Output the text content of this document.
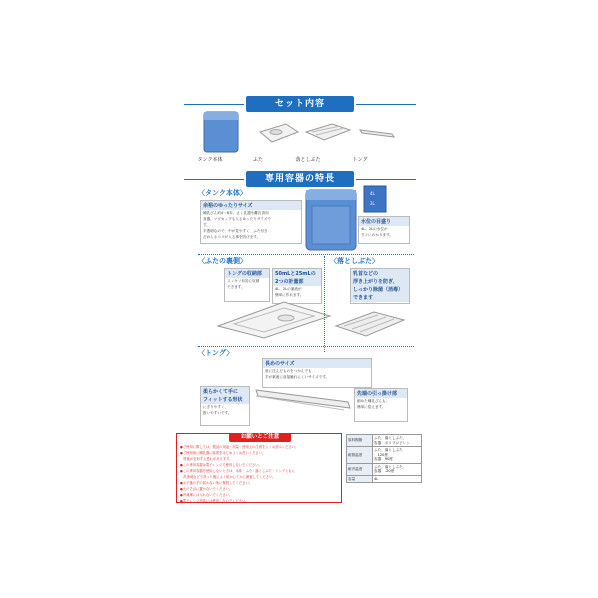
セット内容
タンク本体	ふた	落としぶた	トング
専用容器の特長
〈タンク本体〉
余裕のゆったりサイズ
哺乳びん約4〜6本、さく乳器や離乳食用
食器、マグカップも入るゆったりサイズで
す。
半透明なので、中が見やすく、ふた付き
だからホコリが入る事を防げます。
4L
2L
水位の目盛り
4L、2Lの水位が
すぐにわかります。
〈ふたの裏側〉
トングの収納部
スッキリ有効に収納
できます。
50mLと25mLの
2つの計量部
4L、2Lの薬液が
簡単に作れます。
〈落としぶた〉
乳首などの
浮き上がりを防ぎ、
しっかり除菌（消毒）
できます
〈トング〉
長めのサイズ
底に沈んだものをつかんでも
手が薬液に直接触れにくいサイズです。
柔らかくて手に
フィットする形状
にぎりやすく、
扱いやすいです。
先端の引っ掛け部
細めた哺乳びんも、
簡単に拾えます。
お願いとご注意
●ご使用に際しては、製品の用途・用量・使用上の注意をよくお読みください。
●ご使用前に哺乳器に結着をはじめよくお洗いください。
　特板が変形する恐れがあります。
●この専用容器は電子レンジで使用しないでください。
●この専用容器を使用しないときは、本体・ふた・落としぶた・トングともに
　洗浄剤などで洗った後によく乾かしてから保管してください。
●お子様の手の届かない所に保管してください。
●火のそばに置かないでください。
●冷凍庫には入れないでください。
●電子レンジ消毒には使用しないでください。
原料樹脂	ふた、落としぶた、
容器：ポリプロピレン
耐熱温度	ふた、落としぶた
：120度
容器：90度
耐冷温度	ふた、落としぶた、
容器：-20度
容量	4L
